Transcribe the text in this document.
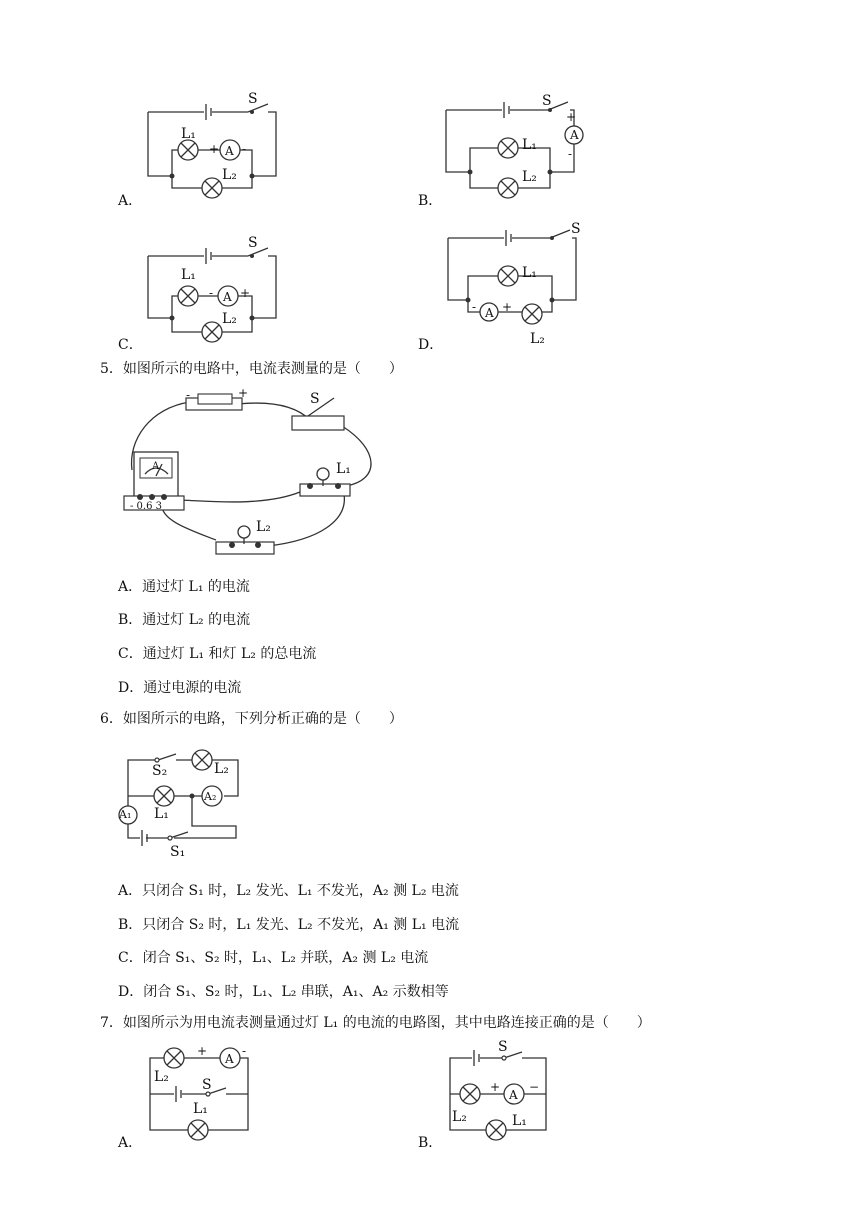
S
L₁
L₂
A
+ -
A．
S
L₁
L₂
A
+
-
B．
S
L₁
L₂
A
- +
C．
S
L₁
L₂
A
- +
D．
5．如图所示的电路中，电流表测量的是（　　）
-	+	S
L₁
L₂
A
- 0.6 3
A．通过灯 L₁ 的电流
B．通过灯 L₂ 的电流
C．通过灯 L₁ 和灯 L₂ 的总电流
D．通过电源的电流
6．如图所示的电路，下列分析正确的是（　　）
S₂	L₂
L₁
A₂
A₁
S₁
A．只闭合 S₁ 时，L₂ 发光、L₁ 不发光，A₂ 测 L₂ 电流
B．只闭合 S₂ 时，L₁ 发光、L₂ 不发光，A₁ 测 L₁ 电流
C．闭合 S₁、S₂ 时，L₁、L₂ 并联，A₂ 测 L₂ 电流
D．闭合 S₁、S₂ 时，L₁、L₂ 串联，A₁、A₂ 示数相等
7．如图所示为用电流表测量通过灯 L₁ 的电流的电路图，其中电路连接正确的是（　　）
+
A
-
L₂ S
L₁
A．
S
+
A
−
L₂	L₁
B．
